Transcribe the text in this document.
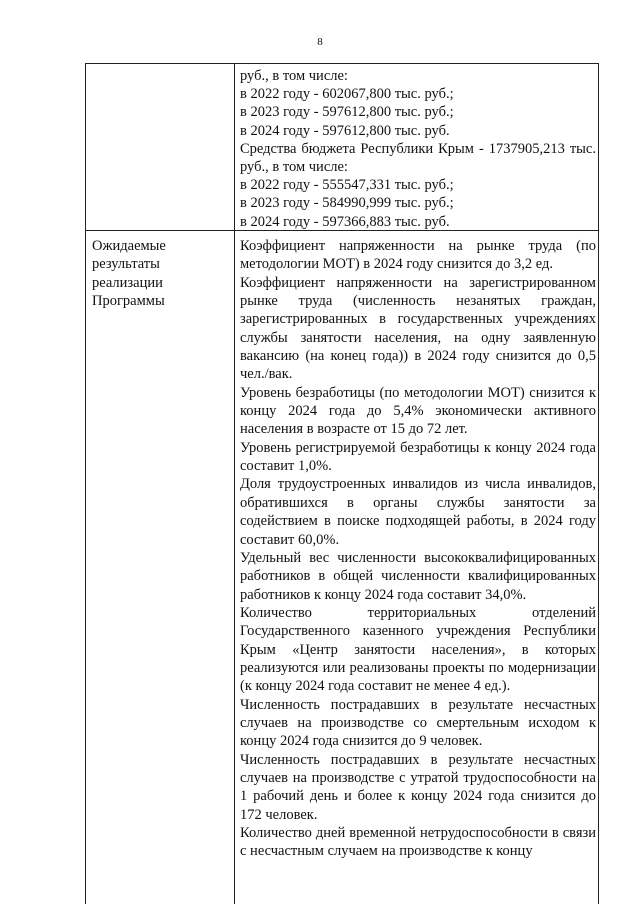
8

руб., в том числе:

в 2022 году - 602067,800 тыс. руб.;

в 2023 году - 597612,800 тыс. руб.;

в 2024 году - 597612,800 тыс. руб.

Средства бюджета Республики Крым - 1737905,213 тыс. руб., в том числе:

в 2022 году - 555547,331 тыс. руб.;

в 2023 году - 584990,999 тыс. руб.;

в 2024 году - 597366,883 тыс. руб.

Ожидаемые

результаты

реализации

Программы

Коэффициент напряженности на рынке труда (по методологии МОТ) в 2024 году снизится до 3,2 ед.

Коэффициент напряженности на зарегистрированном рынке труда (численность незанятых граждан, зарегистрированных в государственных учреждениях службы занятости населения, на одну заявленную вакансию (на конец года)) в 2024 году снизится до 0,5 чел./вак.

Уровень безработицы (по методологии МОТ) снизится к концу 2024 года до 5,4% экономически активного населения в возрасте от 15 до 72 лет.

Уровень регистрируемой безработицы к концу 2024 года составит 1,0%.

Доля трудоустроенных инвалидов из числа инвалидов, обратившихся в органы службы занятости за содействием в поиске подходящей работы, в 2024 году составит 60,0%.

Удельный вес численности высококвалифицированных работников в общей численности квалифицированных работников к концу 2024 года составит 34,0%.

Количество территориальных отделений Государственного казенного учреждения Республики Крым «Центр занятости населения», в которых реализуются или реализованы проекты по модернизации (к концу 2024 года составит не менее 4 ед.).

Численность пострадавших в результате несчастных случаев на производстве со смертельным исходом к концу 2024 года снизится до 9 человек.

Численность пострадавших в результате несчастных случаев на производстве с утратой трудоспособности на 1 рабочий день и более к концу 2024 года снизится до 172 человек.

Количество дней временной нетрудоспособности в связи с несчастным случаем на производстве к концу
